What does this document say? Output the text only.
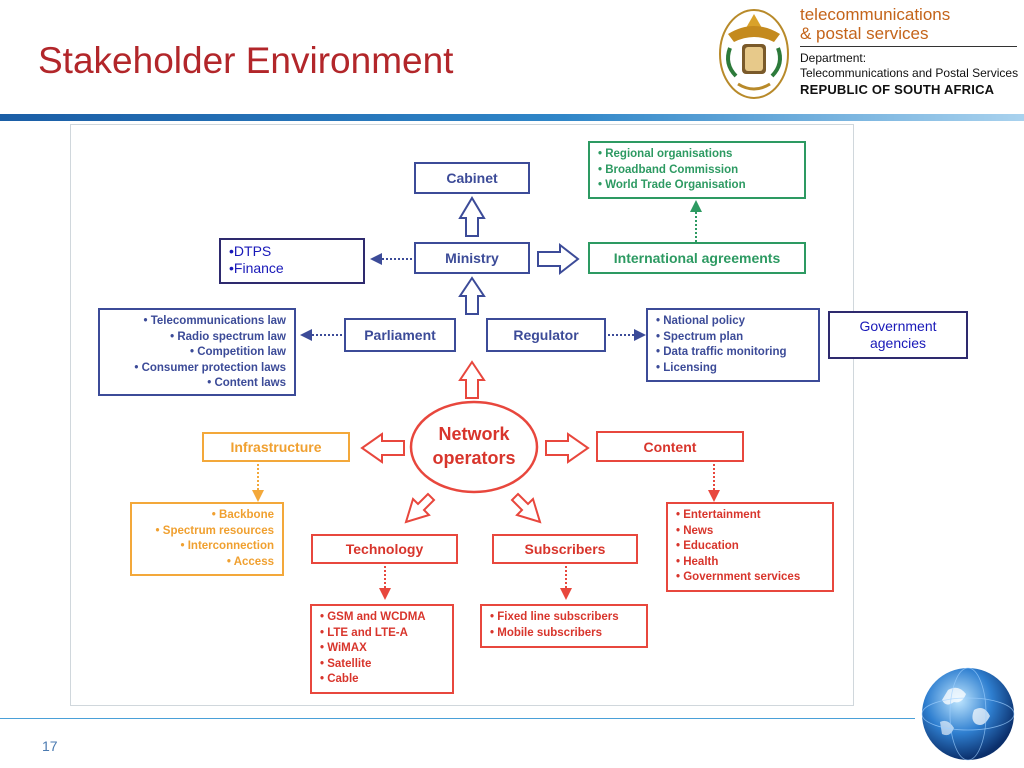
Stakeholder Environment
telecommunications
& postal services
Department:
Telecommunications and Postal Services
REPUBLIC OF SOUTH AFRICA
Cabinet
Ministry
Parliament	Regulator
• Telecommunications law
• Radio spectrum law
• Competition law
• Consumer protection laws
• Content laws
• National policy
• Spectrum plan
• Data traffic monitoring
• Licensing
•DTPS
•Finance
Government agencies
• Regional organisations
• Broadband Commission
• World Trade Organisation
International agreements
Network operators
Infrastructure
• Backbone
• Spectrum resources
• Interconnection
• Access
Content
• Entertainment
• News
• Education
• Health
• Government services
Technology	Subscribers
• GSM and WCDMA
• LTE and LTE-A
• WiMAX
• Satellite
• Cable
• Fixed line subscribers
• Mobile subscribers
17
